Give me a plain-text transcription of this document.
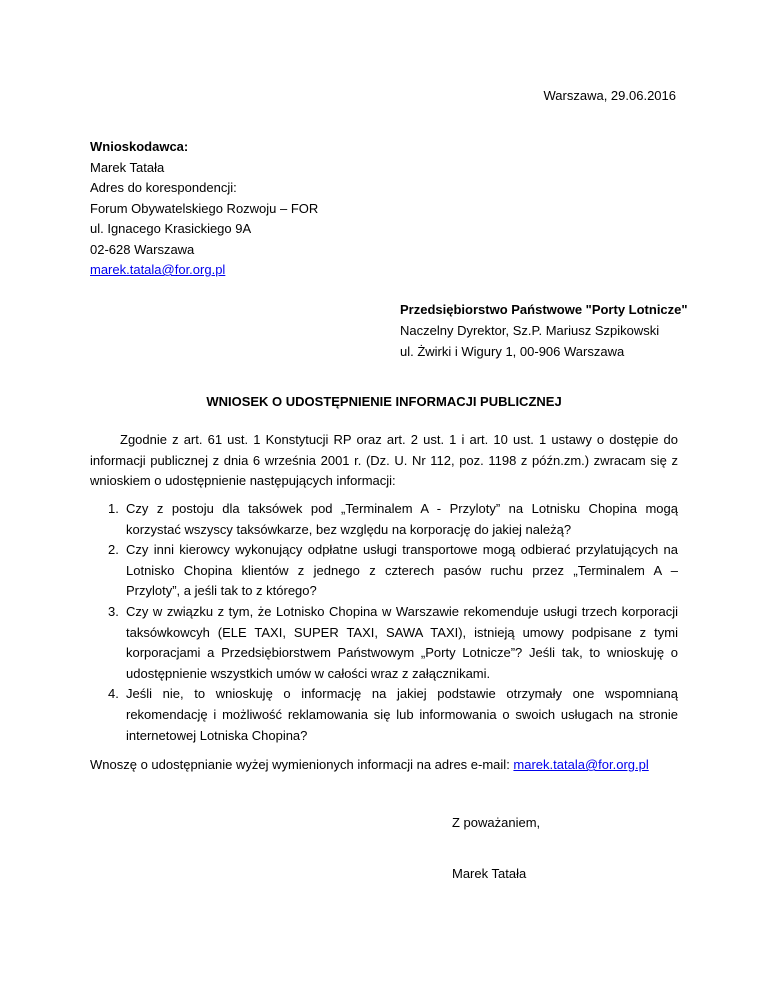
Warszawa, 29.06.2016
Wnioskodawca:
Marek Tatała
Adres do korespondencji:
Forum Obywatelskiego Rozwoju – FOR
ul. Ignacego Krasickiego 9A
02-628 Warszawa
marek.tatala@for.org.pl
Przedsiębiorstwo Państwowe "Porty Lotnicze"
Naczelny Dyrektor, Sz.P. Mariusz Szpikowski
ul. Żwirki i Wigury 1, 00-906 Warszawa
WNIOSEK O UDOSTĘPNIENIE INFORMACJI PUBLICZNEJ
Zgodnie z art. 61 ust. 1 Konstytucji RP oraz art. 2 ust. 1 i art. 10 ust. 1 ustawy o dostępie do
informacji publicznej z dnia 6 września 2001 r. (Dz. U. Nr 112, poz. 1198 z późn.zm.) zwracam się z
wnioskiem o udostępnienie następujących informacji:
1. Czy z postoju dla taksówek pod „Terminalem A - Przyloty” na Lotnisku Chopina mogą
korzystać wszyscy taksówkarze, bez względu na korporację do jakiej należą?
2. Czy inni kierowcy wykonujący odpłatne usługi transportowe mogą odbierać przylatujących na
Lotnisko Chopina klientów z jednego z czterech pasów ruchu przez „Terminalem A –
Przyloty”, a jeśli tak to z którego?
3. Czy w związku z tym, że Lotnisko Chopina w Warszawie rekomenduje usługi trzech korporacji
taksówkowcyh (ELE TAXI, SUPER TAXI, SAWA TAXI), istnieją umowy podpisane z tymi
korporacjami a Przedsiębiorstwem Państwowym „Porty Lotnicze”? Jeśli tak, to wnioskuję o
udostępnienie wszystkich umów w całości wraz z załącznikami.
4. Jeśli nie, to wnioskuję o informację na jakiej podstawie otrzymały one wspomnianą
rekomendację i możliwość reklamowania się lub informowania o swoich usługach na stronie
internetowej Lotniska Chopina?
Wnoszę o udostępnianie wyżej wymienionych informacji na adres e-mail: marek.tatala@for.org.pl
Z poważaniem,
Marek Tatała
